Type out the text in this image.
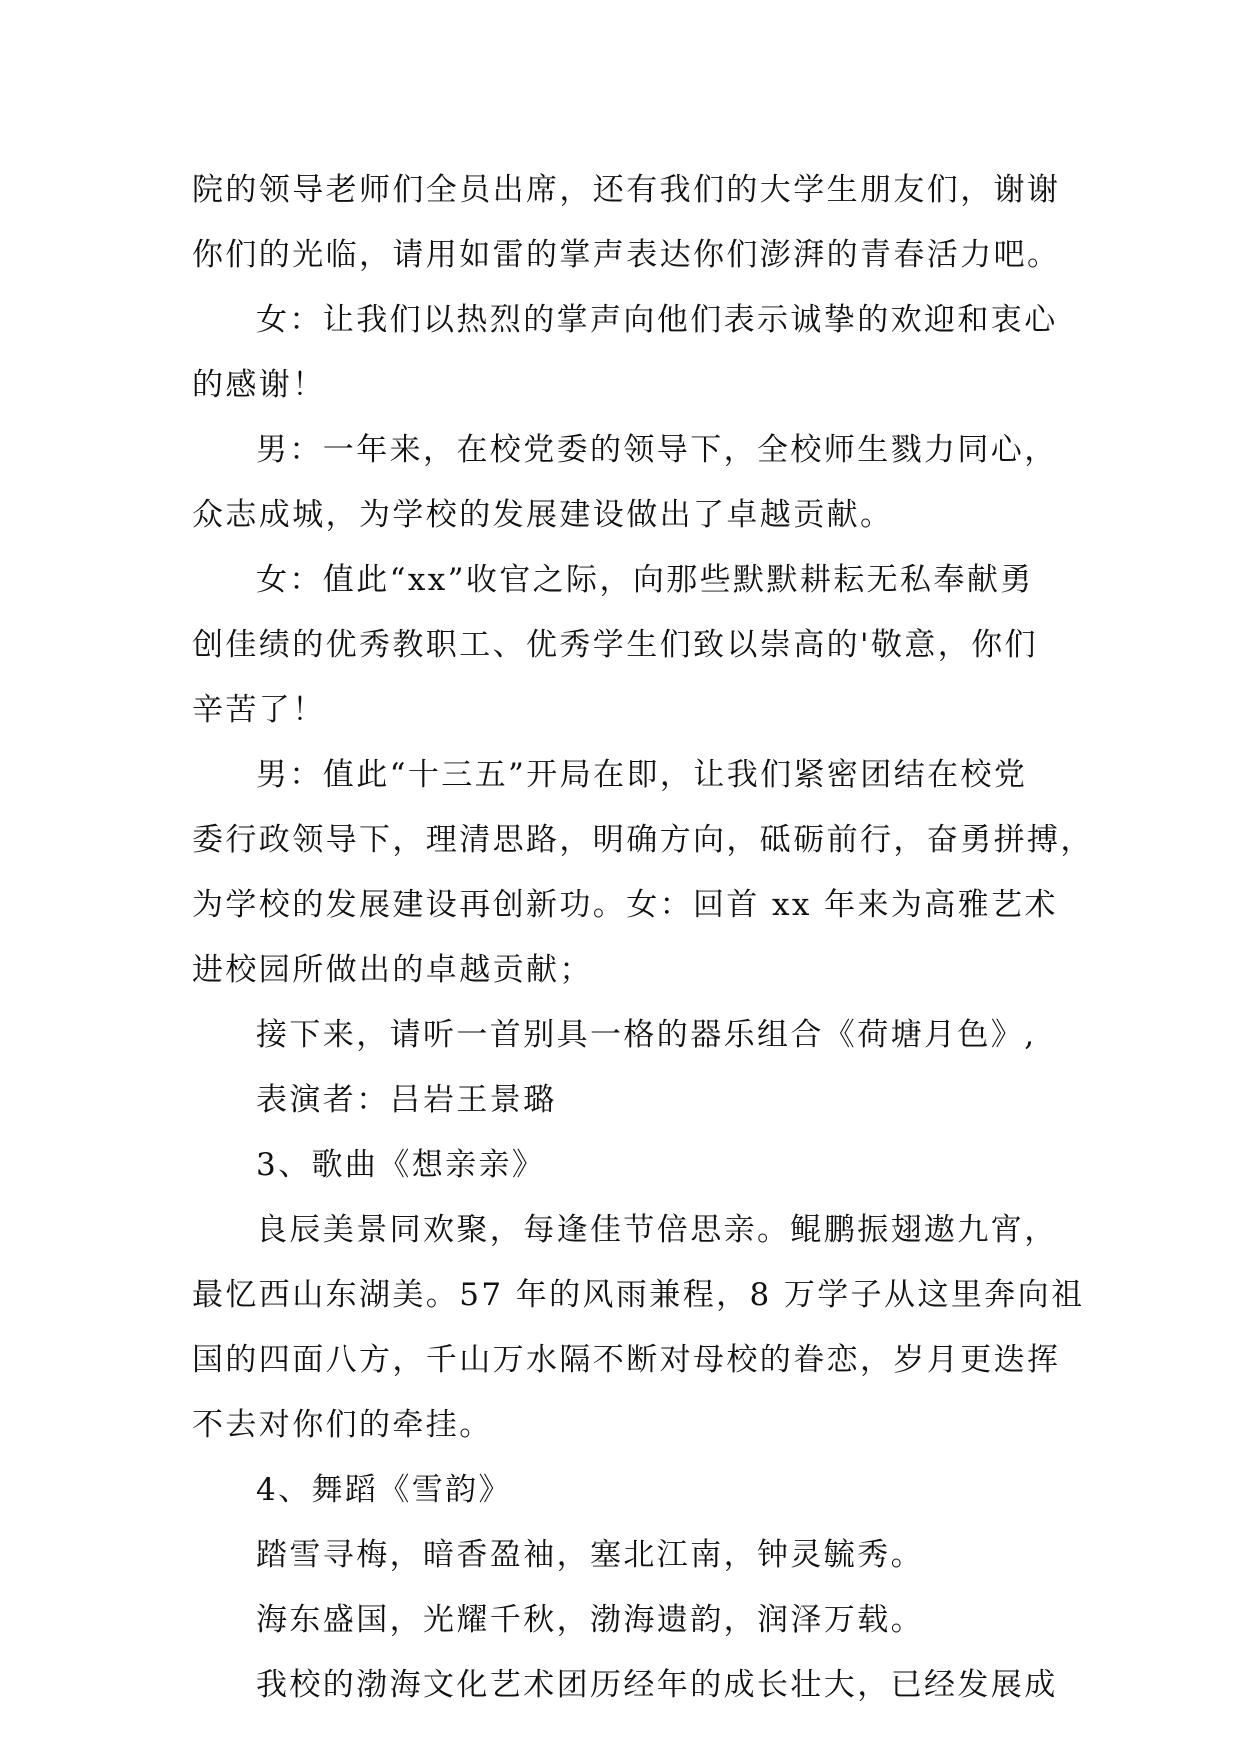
院的领导老师们全员出席，还有我们的大学生朋友们，谢谢
你们的光临，请用如雷的掌声表达你们澎湃的青春活力吧。
女：让我们以热烈的掌声向他们表示诚挚的欢迎和衷心
的感谢！
男：一年来，在校党委的领导下，全校师生戮力同心，
众志成城，为学校的发展建设做出了卓越贡献。
女：值此“xx”收官之际，向那些默默耕耘无私奉献勇
创佳绩的优秀教职工、优秀学生们致以崇高的'敬意，你们
辛苦了！
男：值此“十三五”开局在即，让我们紧密团结在校党
委行政领导下，理清思路，明确方向，砥砺前行，奋勇拼搏，
为学校的发展建设再创新功。女：回首 xx 年来为高雅艺术
进校园所做出的卓越贡献；
接下来，请听一首别具一格的器乐组合《荷塘月色》,
表演者：吕岩王景璐
3、歌曲《想亲亲》
良辰美景同欢聚，每逢佳节倍思亲。鲲鹏振翅遨九宵，
最忆西山东湖美。57 年的风雨兼程，8 万学子从这里奔向祖
国的四面八方，千山万水隔不断对母校的眷恋，岁月更迭挥
不去对你们的牵挂。
4、舞蹈《雪韵》
踏雪寻梅，暗香盈袖，塞北江南，钟灵毓秀。
海东盛国，光耀千秋，渤海遗韵，润泽万载。
我校的渤海文化艺术团历经年的成长壮大，已经发展成
